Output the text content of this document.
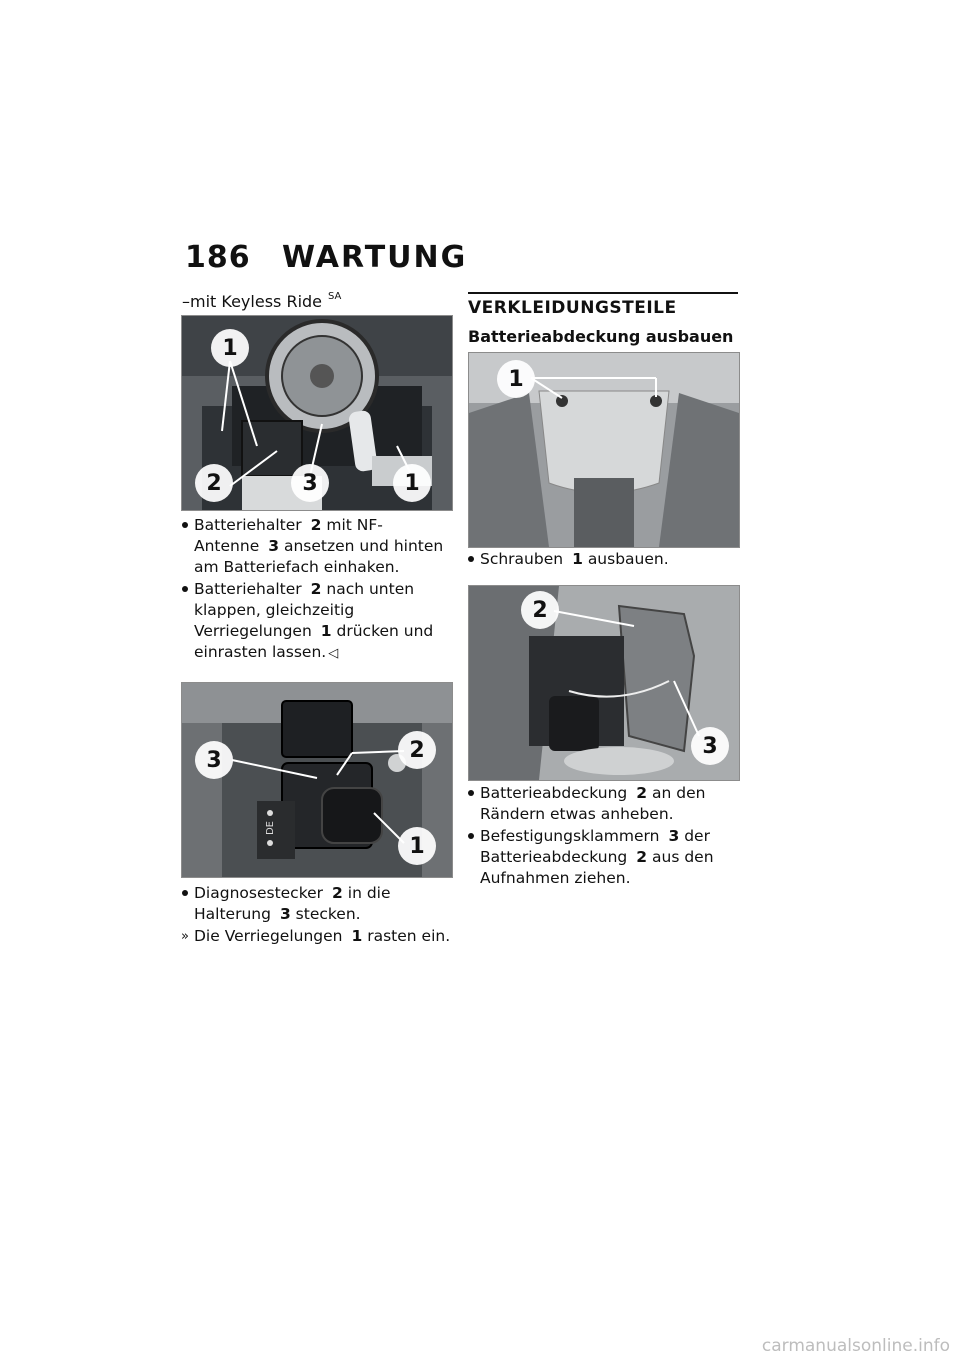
186 WARTUNG
–mit Keyless Ride $^{SA}$
1
2	3	1

Batteriehalter 2 mit NF-Antenne 3 ansetzen und hinten am Batteriefach einhaken.

Batteriehalter 2 nach unten klappen, gleichzeitig Verriegelungen 1 drücken und einrasten lassen. ◁

DE
3	2
1

Diagnosestecker 2 in die Halterung 3 stecken.

» Die Verriegelungen 1 rasten ein.

VERKLEIDUNGSTEILE
Batterieabdeckung ausbauen
1

Schrauben 1 ausbauen.

2
3

Batterieabdeckung 2 an den Rändern etwas anheben.

Befestigungsklammern 3 der Batterieabdeckung 2 aus den Aufnahmen ziehen.

carmanualsonline.info
